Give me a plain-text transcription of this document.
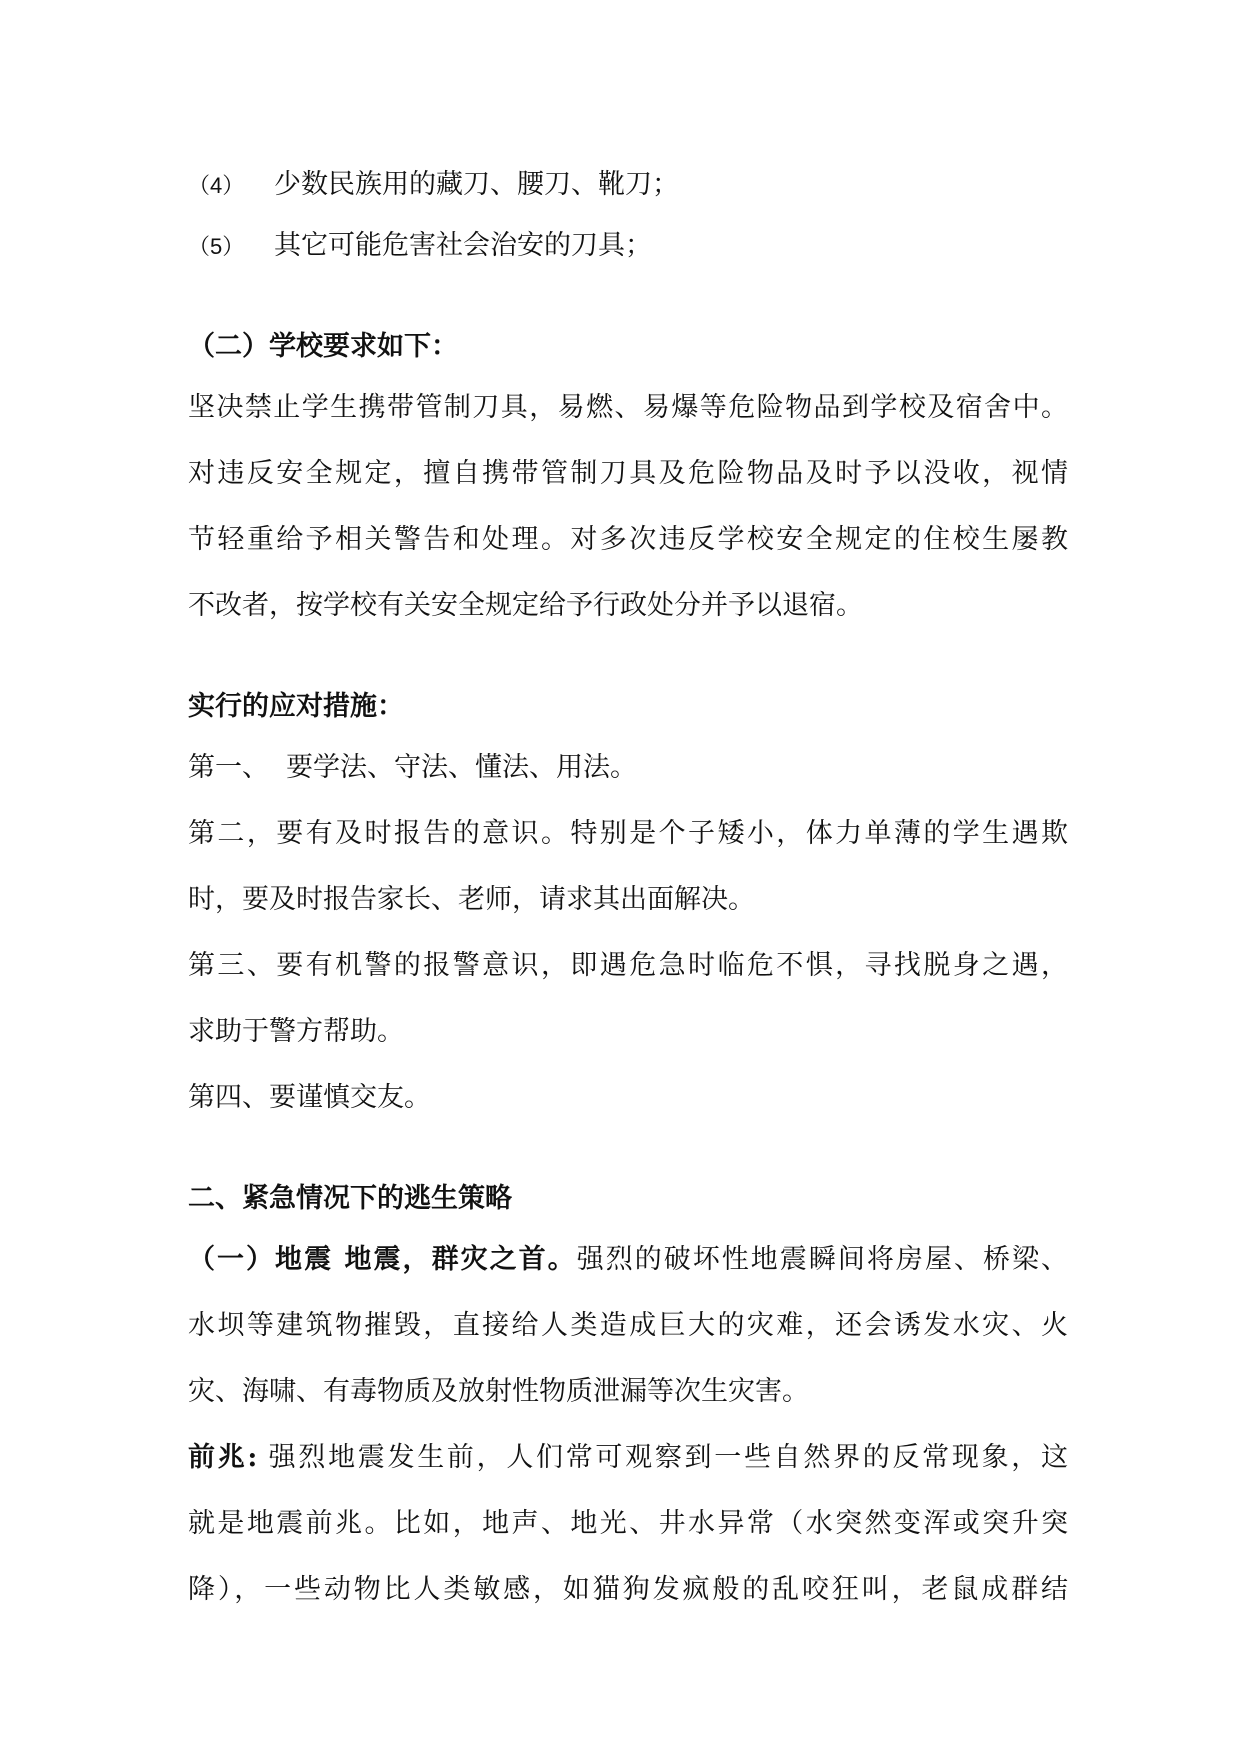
（4） 少数民族用的藏刀、腰刀、靴刀；
（5） 其它可能危害社会治安的刀具；
（二）学校要求如下：
坚决禁止学生携带管制刀具，易燃、易爆等危险物品到学校及宿舍中。
对违反安全规定，擅自携带管制刀具及危险物品及时予以没收，视情
节轻重给予相关警告和处理。对多次违反学校安全规定的住校生屡教
不改者，按学校有关安全规定给予行政处分并予以退宿。
实行的应对措施：
第一、 要学法、守法、懂法、用法。
第二，要有及时报告的意识。特别是个子矮小，体力单薄的学生遇欺
时，要及时报告家长、老师，请求其出面解决。
第三、要有机警的报警意识，即遇危急时临危不惧，寻找脱身之遇，
求助于警方帮助。
第四、要谨慎交友。
二、紧急情况下的逃生策略
（一）地震 地震，群灾之首。强烈的破坏性地震瞬间将房屋、桥梁、
水坝等建筑物摧毁，直接给人类造成巨大的灾难，还会诱发水灾、火
灾、海啸、有毒物质及放射性物质泄漏等次生灾害。
前兆: 强烈地震发生前，人们常可观察到一些自然界的反常现象，这
就是地震前兆。比如，地声、地光、井水异常（水突然变浑或突升突
降），一些动物比人类敏感，如猫狗发疯般的乱咬狂叫，老鼠成群结
